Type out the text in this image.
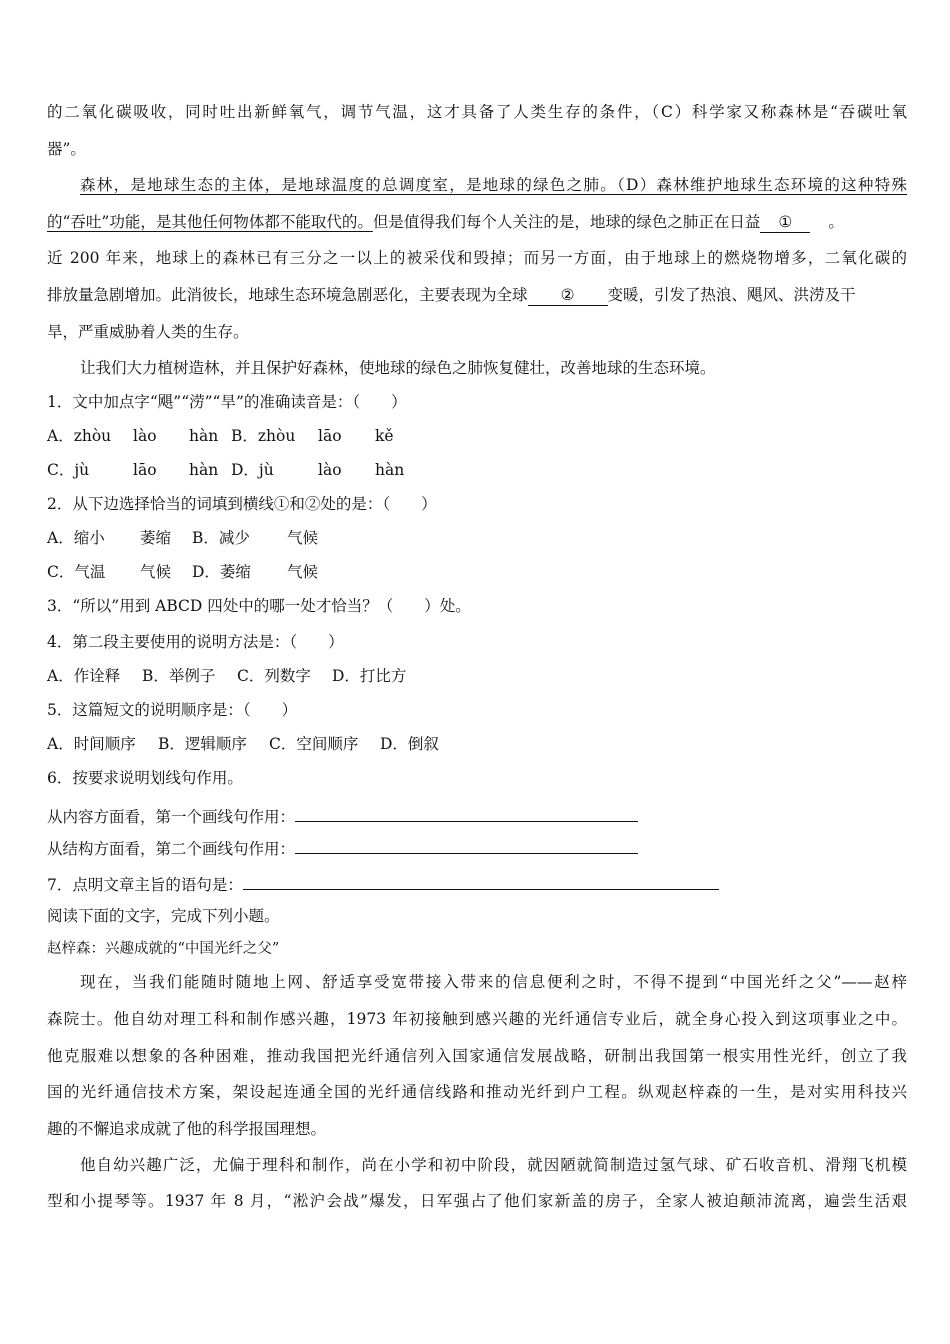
的二氧化碳吸收，同时吐出新鲜氧气，调节气温，这才具备了人类生存的条件，（C）科学家又称森林是“吞碳吐氧
器”。
森林，是地球生态的主体，是地球温度的总调度室，是地球的绿色之肺。（D）森林维护地球生态环境的这种特殊
的“吞吐”功能，是其他任何物体都不能取代的。但是值得我们每个人关注的是，地球的绿色之肺正在日益 ① 。
近 200 年来，地球上的森林已有三分之一以上的被采伐和毁掉；而另一方面，由于地球上的燃烧物增多，二氧化碳的
排放量急剧增加。此消彼长，地球生态环境急剧恶化，主要表现为全球 ② 变暖，引发了热浪、飓风、洪涝及干
旱，严重威胁着人类的生存。
让我们大力植树造林，并且保护好森林，使地球的绿色之肺恢复健壮，改善地球的生态环境。
1．文中加点字“飓”“涝”“旱”的准确读音是：（　　）
A．zhòu lào hàn B．zhòu lāo kě
C．jù	lāo hàn D．jù	lào hàn
2．从下边选择恰当的词填到横线①和②处的是：（　　）
A．缩小 萎缩 B．减少 气候
C．气温 气候 D．萎缩 气候
3．“所以”用到 ABCD 四处中的哪一处才恰当？（　　）处。
4．第二段主要使用的说明方法是：（　　）
A．作诠释 B．举例子 C．列数字 D．打比方
5．这篇短文的说明顺序是：（　　）
A．时间顺序 B．逻辑顺序 C．空间顺序 D．倒叙
6．按要求说明划线句作用。
从内容方面看，第一个画线句作用：
从结构方面看，第二个画线句作用：
7．点明文章主旨的语句是：
阅读下面的文字，完成下列小题。
赵梓森：兴趣成就的“中国光纤之父”
现在，当我们能随时随地上网、舒适享受宽带接入带来的信息便利之时，不得不提到“中国光纤之父”——赵梓
森院士。他自幼对理工科和制作感兴趣，1973 年初接触到感兴趣的光纤通信专业后，就全身心投入到这项事业之中。
他克服难以想象的各种困难，推动我国把光纤通信列入国家通信发展战略，研制出我国第一根实用性光纤，创立了我
国的光纤通信技术方案，架设起连通全国的光纤通信线路和推动光纤到户工程。纵观赵梓森的一生，是对实用科技兴
趣的不懈追求成就了他的科学报国理想。
他自幼兴趣广泛，尤偏于理科和制作，尚在小学和初中阶段，就因陋就简制造过氢气球、矿石收音机、滑翔飞机模
型和小提琴等。1937 年 8 月，“淞沪会战”爆发，日军强占了他们家新盖的房子，全家人被迫颠沛流离，遍尝生活艰
